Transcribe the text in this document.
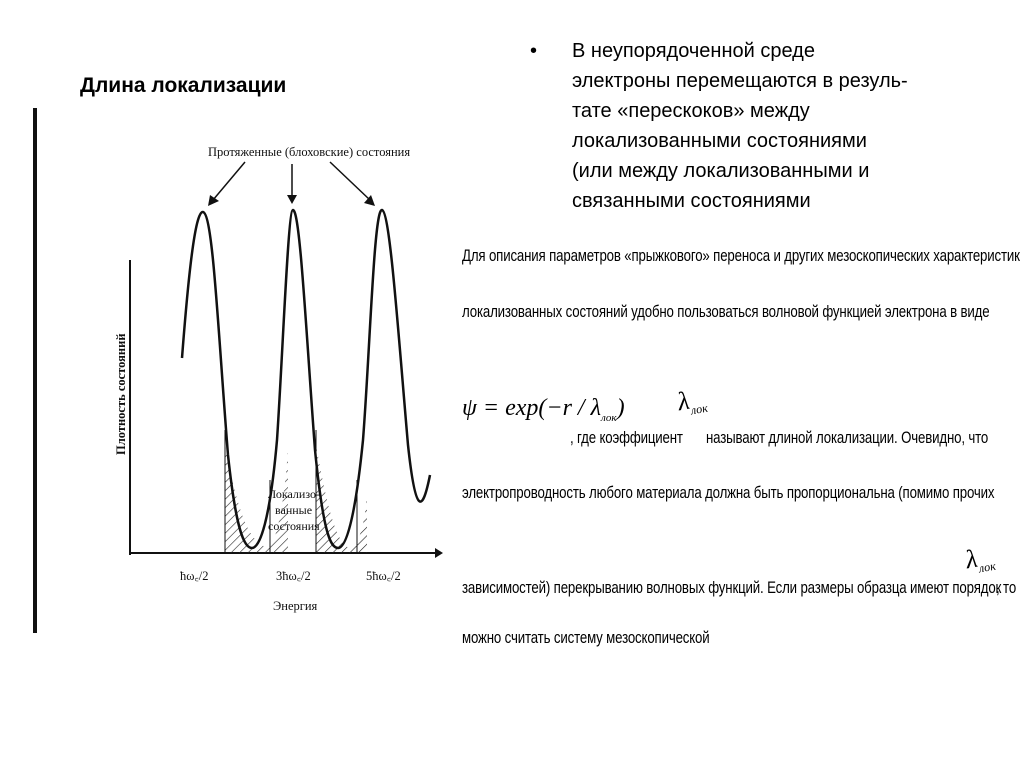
Длина локализации
• В неупорядоченной среде
электроны перемещаются в резуль-
тате «перескоков» между
локализованными состояниями
(или между локализованными и
связанными состояниями
Протяженные (блоховские) состояния
Плотность состояний
Локализо-
ванные
состояния
ħω꜀/2	3ħω꜀/2	5ħω꜀/2
Энергия
Для описания параметров «прыжкового» переноса и других мезоскопических характеристик
локализованных состояний удобно пользоваться волновой функцией электрона в виде
$\psi = \exp(-r / \lambda_{лок})$
, где коэффициент
$\lambda_{лок}$
называют длиной локализации. Очевидно, что
электропроводность любого материала должна быть пропорциональна (помимо прочих
зависимостей) перекрыванию волновых функций. Если размеры образца имеют порядок
$\lambda_{лок}$
, то
можно считать систему мезоскопической
